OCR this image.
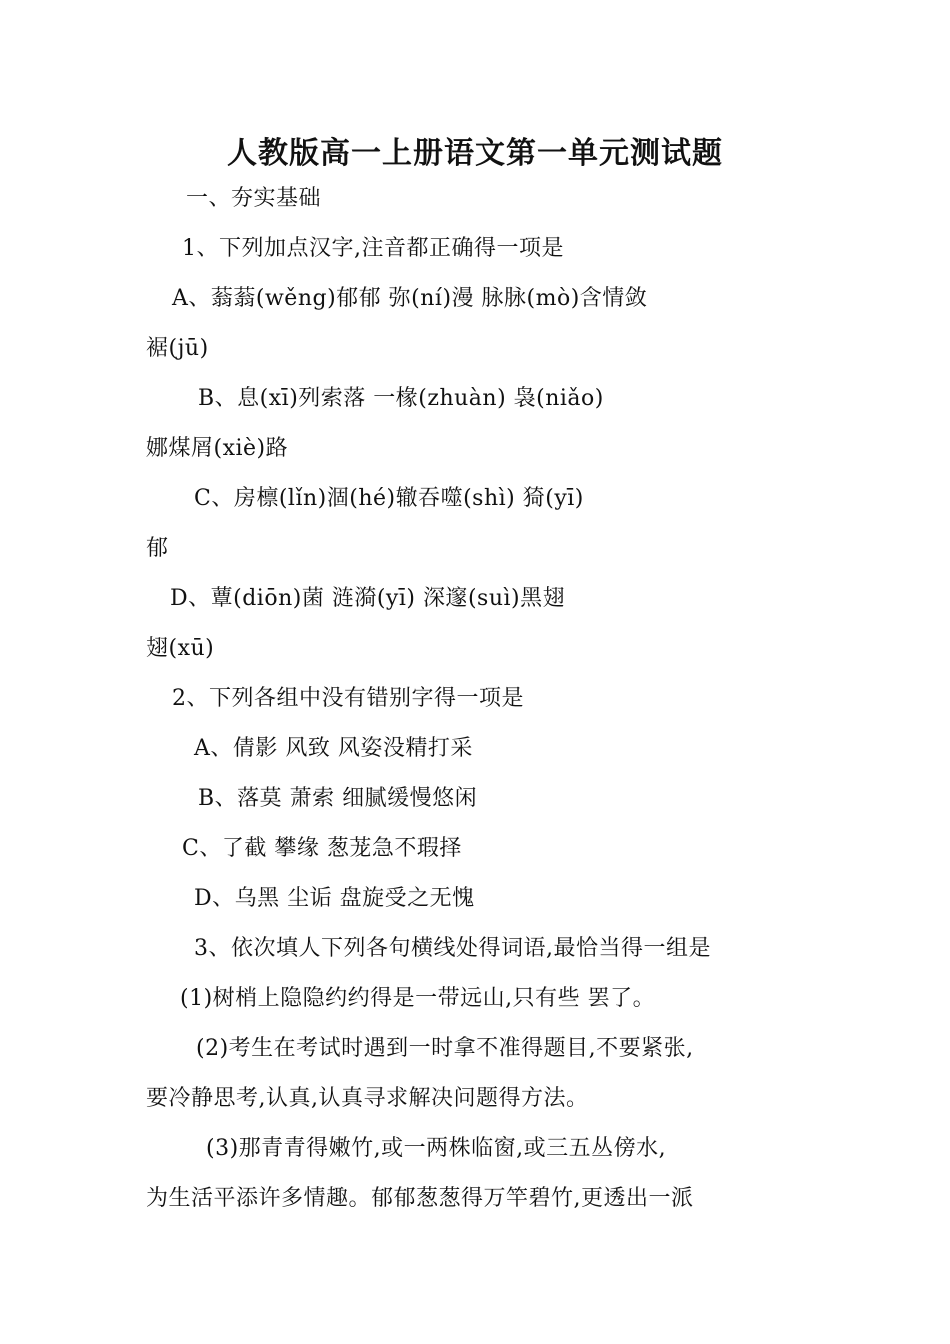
人教版高一上册语文第一单元测试题
一、夯实基础
1、下列加点汉字,注音都正确得一项是
A、蓊蓊(wěng)郁郁 弥(ní)漫 脉脉(mò)含情敛
裾(jū)
B、息(xī)列索落 一椽(zhuàn) 袅(niǎo)
娜煤屑(xiè)路
C、房檩(lǐn)涸(hé)辙吞噬(shì) 猗(yī)
郁
D、蕈(diōn)菌 涟漪(yī) 深邃(suì)黑翅
翅(xū)
2、下列各组中没有错别字得一项是
A、倩影 风致 风姿没精打采
B、落莫 萧索 细腻缓慢悠闲
C、了截 攀缘 葱茏急不瑕择
D、乌黑 尘诟 盘旋受之无愧
3、依次填人下列各句横线处得词语,最恰当得一组是
(1)树梢上隐隐约约得是一带远山,只有些 罢了。
(2)考生在考试时遇到一时拿不准得题目,不要紧张,
要冷静思考,认真,认真寻求解决问题得方法。
(3)那青青得嫩竹,或一两株临窗,或三五丛傍水,
为生活平添许多情趣。郁郁葱葱得万竿碧竹,更透出一派
